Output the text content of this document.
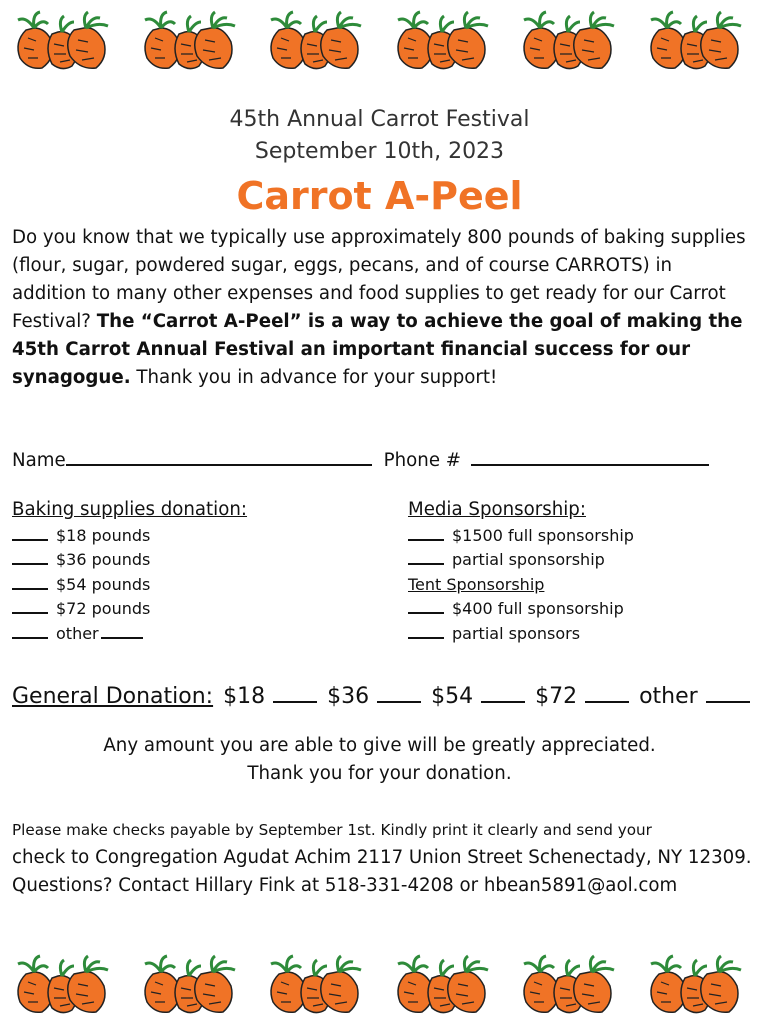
45th Annual Carrot Festival
September 10th, 2023
Carrot A-Peel
Do you know that we typically use approximately 800 pounds of baking supplies (flour, sugar, powdered sugar, eggs, pecans, and of course CARROTS) in addition to many other expenses and food supplies to get ready for our Carrot Festival? The “Carrot A-Peel” is a way to achieve the goal of making the 45th Carrot Annual Festival an important financial success for our synagogue. Thank you in advance for your support!
Name	Phone #
Baking supplies donation:
$18 pounds
$36 pounds
$54 pounds
$72 pounds
other
Media Sponsorship:
$1500 full sponsorship
partial sponsorship
Tent Sponsorship
$400 full sponsorship
partial sponsors
General Donation: $18	$36	$54	$72	other
Any amount you are able to give will be greatly appreciated.
Thank you for your donation.
Please make checks payable by September 1st. Kindly print it clearly and send your
check to Congregation Agudat Achim 2117 Union Street Schenectady, NY 12309. Questions? Contact Hillary Fink at 518-331-4208 or hbean5891@aol.com
